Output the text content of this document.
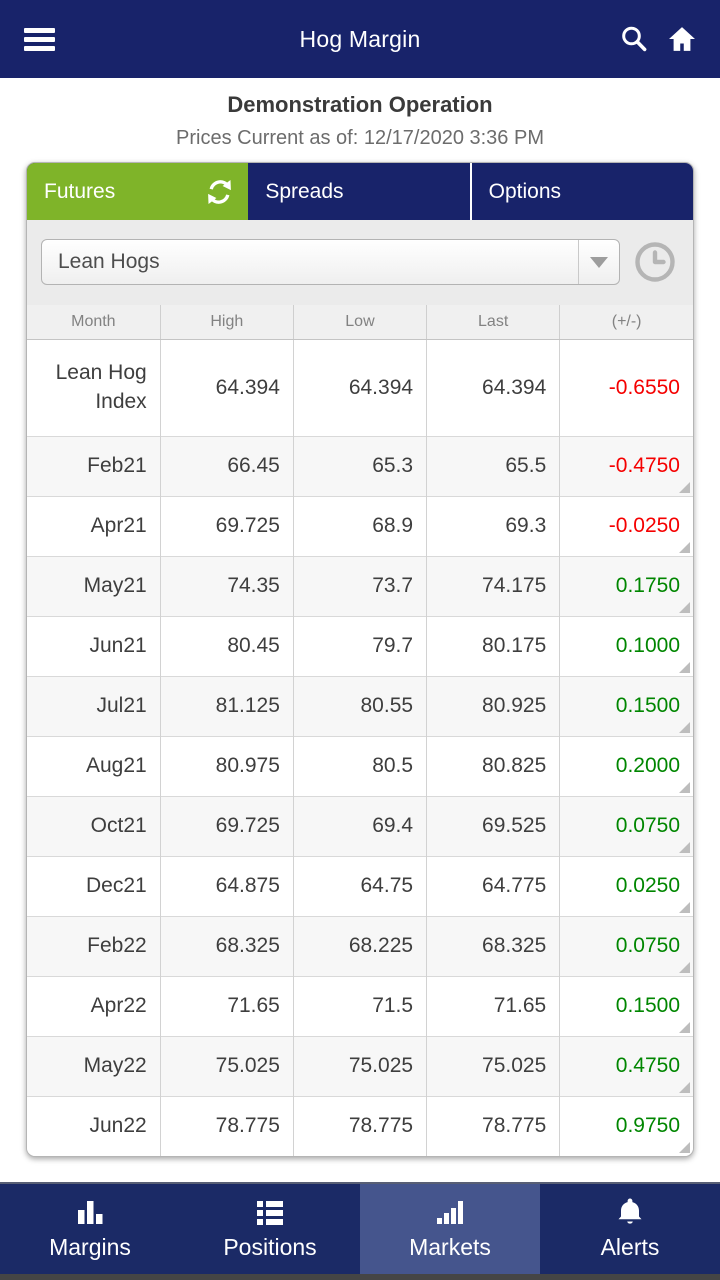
Hog Margin
Demonstration Operation
Prices Current as of: 12/17/2020 3:36 PM
Futures	Spreads	Options
Lean Hogs
Month	High	Low	Last	(+/-)
Lean Hog Index	64.394	64.394	64.394	-0.6550
Feb21	66.45	65.3	65.5	-0.4750
Apr21	69.725	68.9	69.3	-0.0250
May21	74.35	73.7	74.175	0.1750
Jun21	80.45	79.7	80.175	0.1000
Jul21	81.125	80.55	80.925	0.1500
Aug21	80.975	80.5	80.825	0.2000
Oct21	69.725	69.4	69.525	0.0750
Dec21	64.875	64.75	64.775	0.0250
Feb22	68.325	68.225	68.325	0.0750
Apr22	71.65	71.5	71.65	0.1500
May22	75.025	75.025	75.025	0.4750
Jun22	78.775	78.775	78.775	0.9750
Margins	Positions	Markets	Alerts
